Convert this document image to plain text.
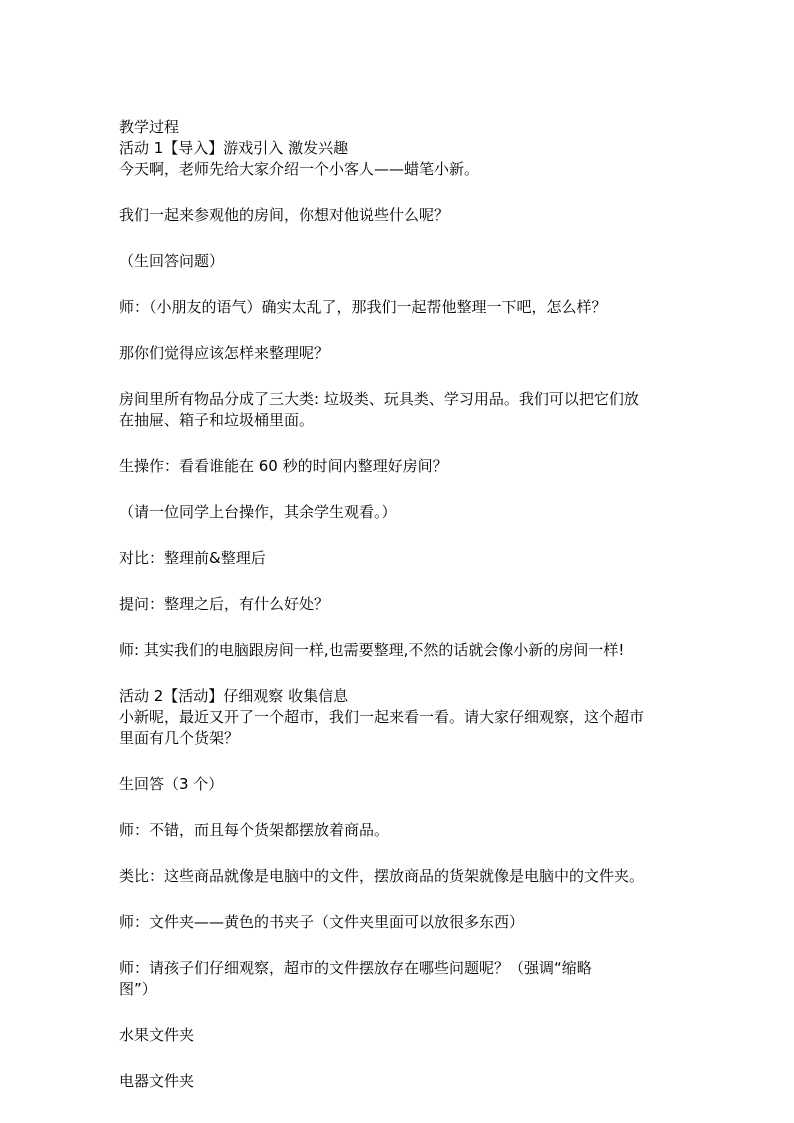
教学过程

活动 1【导入】游戏引入 激发兴趣

今天啊，老师先给大家介绍一个小客人——蜡笔小新。

我们一起来参观他的房间，你想对他说些什么呢？

（生回答问题）

师：（小朋友的语气）确实太乱了，那我们一起帮他整理一下吧，怎么样？

那你们觉得应该怎样来整理呢？

房间里所有物品分成了三大类: 垃圾类、玩具类、学习用品。我们可以把它们放

在抽屉、箱子和垃圾桶里面。

生操作：看看谁能在 60 秒的时间内整理好房间？

（请一位同学上台操作，其余学生观看。）

对比：整理前&整理后

提问：整理之后，有什么好处？

师: 其实我们的电脑跟房间一样,也需要整理,不然的话就会像小新的房间一样!

活动 2【活动】仔细观察 收集信息

小新呢，最近又开了一个超市，我们一起来看一看。请大家仔细观察，这个超市

里面有几个货架？

生回答（3 个）

师：不错，而且每个货架都摆放着商品。

类比：这些商品就像是电脑中的文件，摆放商品的货架就像是电脑中的文件夹。

师：文件夹——黄色的书夹子（文件夹里面可以放很多东西）

师：请孩子们仔细观察，超市的文件摆放存在哪些问题呢？（强调“缩略

图”）

水果文件夹

电器文件夹
